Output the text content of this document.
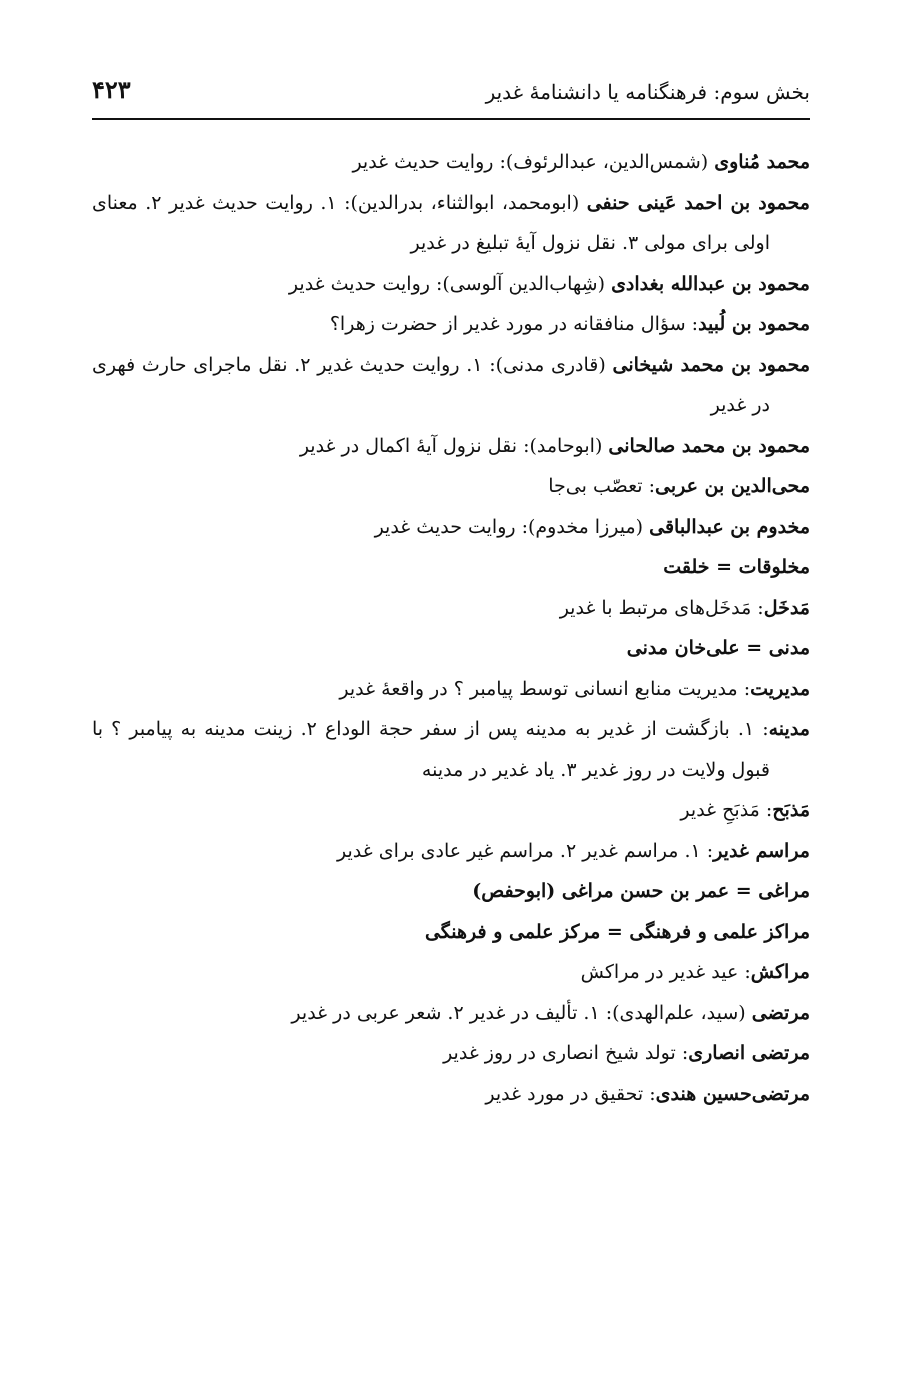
بخش سوم: فرهنگنامه یا دانشنامهٔ غدیر
۴۲۳

محمد مُناوی (شمس‌الدین، عبدالرئوف): روایت حدیث غدیر

محمود بن احمد عَینی حنفی (ابومحمد، ابوالثناء، بدرالدین): ۱. روایت حدیث غدیر ۲. معنای اولی برای مولی ۳. نقل نزول آیهٔ تبلیغ در غدیر

محمود بن عبدالله بغدادی (شِهاب‌الدین آلوسی): روایت حدیث غدیر

محمود بن لُبید: سؤال منافقانه در مورد غدیر از حضرت زهرا؟

محمود بن محمد شیخانی (قادری مدنی): ۱. روایت حدیث غدیر ۲. نقل ماجرای حارث فهری در غدیر

محمود بن محمد صالحانی (ابوحامد): نقل نزول آیهٔ اکمال در غدیر

محی‌الدین بن عربی: تعصّب بی‌جا

مخدوم بن عبدالباقی (میرزا مخدوم): روایت حدیث غدیر

مخلوقات = خلقت

مَدخَل: مَدخَل‌های مرتبط با غدیر

مدنی = علی‌خان مدنی

مدیریت: مدیریت منابع انسانی توسط پیامبر ؟ در واقعهٔ غدیر

مدینه: ۱. بازگشت از غدیر به مدینه پس از سفر حجة الوداع ۲. زینت مدینه به پیامبر ؟ با قبول ولایت در روز غدیر ۳. یاد غدیر در مدینه

مَذبَح: مَذبَحِ غدیر

مراسم غدیر: ۱. مراسم غدیر ۲. مراسم غیر عادی برای غدیر

مراغی = عمر بن حسن مراغی (ابوحفص)

مراکز علمی و فرهنگی = مرکز علمی و فرهنگی

مراکش: عید غدیر در مراکش

مرتضی (سید، علم‌الهدی): ۱. تألیف در غدیر ۲. شعر عربی در غدیر

مرتضی انصاری: تولد شیخ انصاری در روز غدیر

مرتضی‌حسین هندی: تحقیق در مورد غدیر
